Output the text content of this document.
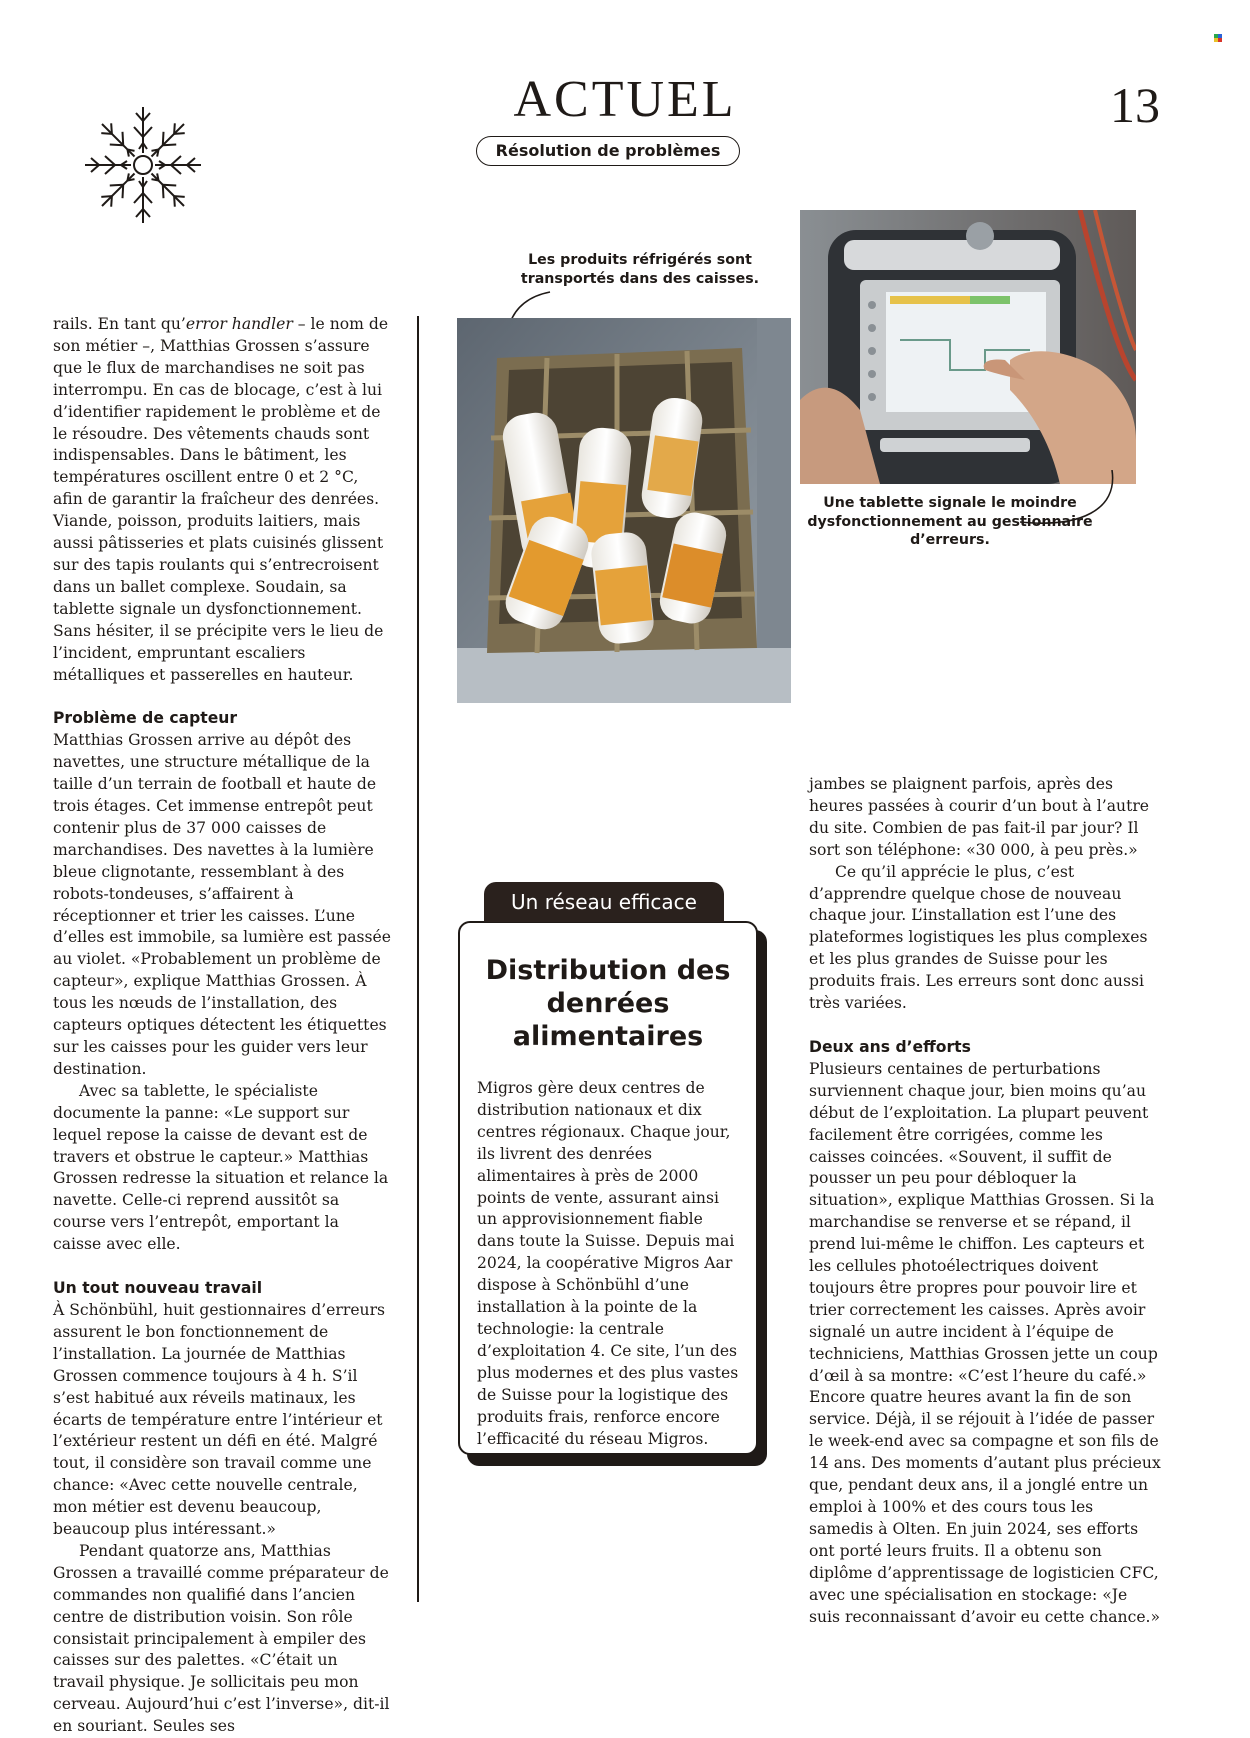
ACTUEL	13
Résolution de problèmes

rails. En tant qu’error handler – le nom de son métier –, Matthias Grossen s’assure que le flux de marchandises ne soit pas interrompu. En cas de blocage, c’est à lui d’identifier rapidement le problème et de le résoudre. Des vêtements chauds sont indispensables. Dans le bâtiment, les températures oscillent entre 0 et 2 °C, afin de garantir la fraîcheur des denrées. Viande, poisson, produits laitiers, mais aussi pâtisseries et plats cuisinés glissent sur des tapis roulants qui s’entrecroisent dans un ballet complexe. Soudain, sa tablette signale un dysfonctionnement. Sans hésiter, il se précipite vers le lieu de l’incident, empruntant escaliers métalliques et passerelles en hauteur.

Problème de capteur

Matthias Grossen arrive au dépôt des navettes, une structure métallique de la taille d’un terrain de football et haute de trois étages. Cet immense entrepôt peut contenir plus de 37 000 caisses de marchandises. Des navettes à la lumière bleue clignotante, ressemblant à des robots-tondeuses, s’affairent à réceptionner et trier les caisses. L’une d’elles est immobile, sa lumière est passée au violet. «Probablement un problème de capteur», explique Matthias Grossen. À tous les nœuds de l’installation, des capteurs optiques détectent les étiquettes sur les caisses pour les guider vers leur destination.

Avec sa tablette, le spécialiste documente la panne: «Le support sur lequel repose la caisse de devant est de travers et obstrue le capteur.» Matthias Grossen redresse la situation et relance la navette. Celle-ci reprend aussitôt sa course vers l’entrepôt, emportant la caisse avec elle.

Un tout nouveau travail

À Schönbühl, huit gestionnaires d’erreurs assurent le bon fonctionnement de l’installation. La journée de Matthias Grossen commence toujours à 4 h. S’il s’est habitué aux réveils matinaux, les écarts de température entre l’intérieur et l’extérieur restent un défi en été. Malgré tout, il considère son travail comme une chance: «Avec cette nouvelle centrale, mon métier est devenu beaucoup, beaucoup plus intéressant.»

Pendant quatorze ans, Matthias Grossen a travaillé comme préparateur de commandes non qualifié dans l’ancien centre de distribution voisin. Son rôle consistait principalement à empiler des caisses sur des palettes. «C’était un travail physique. Je sollicitais peu mon cerveau. Aujourd’hui c’est l’inverse», dit-il en souriant. Seules ses

Les produits réfrigérés sont transportés dans des caisses.
Une tablette signale le moindre dysfonctionnement au gestionnaire d’erreurs.
Un réseau efficace
Distribution des denrées alimentaires
Migros gère deux centres de distribution nationaux et dix centres régionaux. Chaque jour, ils livrent des denrées alimentaires à près de 2000 points de vente, assurant ainsi un approvisionnement fiable dans toute la Suisse. Depuis mai 2024, la coopérative Migros Aar dispose à Schönbühl d’une installation à la pointe de la technologie: la centrale d’exploitation 4. Ce site, l’un des plus modernes et des plus vastes de Suisse pour la logistique des produits frais, renforce encore l’efficacité du réseau Migros.

jambes se plaignent parfois, après des heures passées à courir d’un bout à l’autre du site. Combien de pas fait-il par jour? Il sort son téléphone: «30 000, à peu près.»

Ce qu’il apprécie le plus, c’est d’apprendre quelque chose de nouveau chaque jour. L’installation est l’une des plateformes logistiques les plus complexes et les plus grandes de Suisse pour les produits frais. Les erreurs sont donc aussi très variées.

Deux ans d’efforts

Plusieurs centaines de perturbations surviennent chaque jour, bien moins qu’au début de l’exploitation. La plupart peuvent facilement être corrigées, comme les caisses coincées. «Souvent, il suffit de pousser un peu pour débloquer la situation», explique Matthias Grossen. Si la marchandise se renverse et se répand, il prend lui-même le chiffon. Les capteurs et les cellules photoélectriques doivent toujours être propres pour pouvoir lire et trier correctement les caisses. Après avoir signalé un autre incident à l’équipe de techniciens, Matthias Grossen jette un coup d’œil à sa montre: «C’est l’heure du café.» Encore quatre heures avant la fin de son service. Déjà, il se réjouit à l’idée de passer le week-end avec sa compagne et son fils de 14 ans. Des moments d’autant plus précieux que, pendant deux ans, il a jonglé entre un emploi à 100% et des cours tous les samedis à Olten. En juin 2024, ses efforts ont porté leurs fruits. Il a obtenu son diplôme d’apprentissage de logisticien CFC, avec une spécialisation en stockage: «Je suis reconnaissant d’avoir eu cette chance.»
